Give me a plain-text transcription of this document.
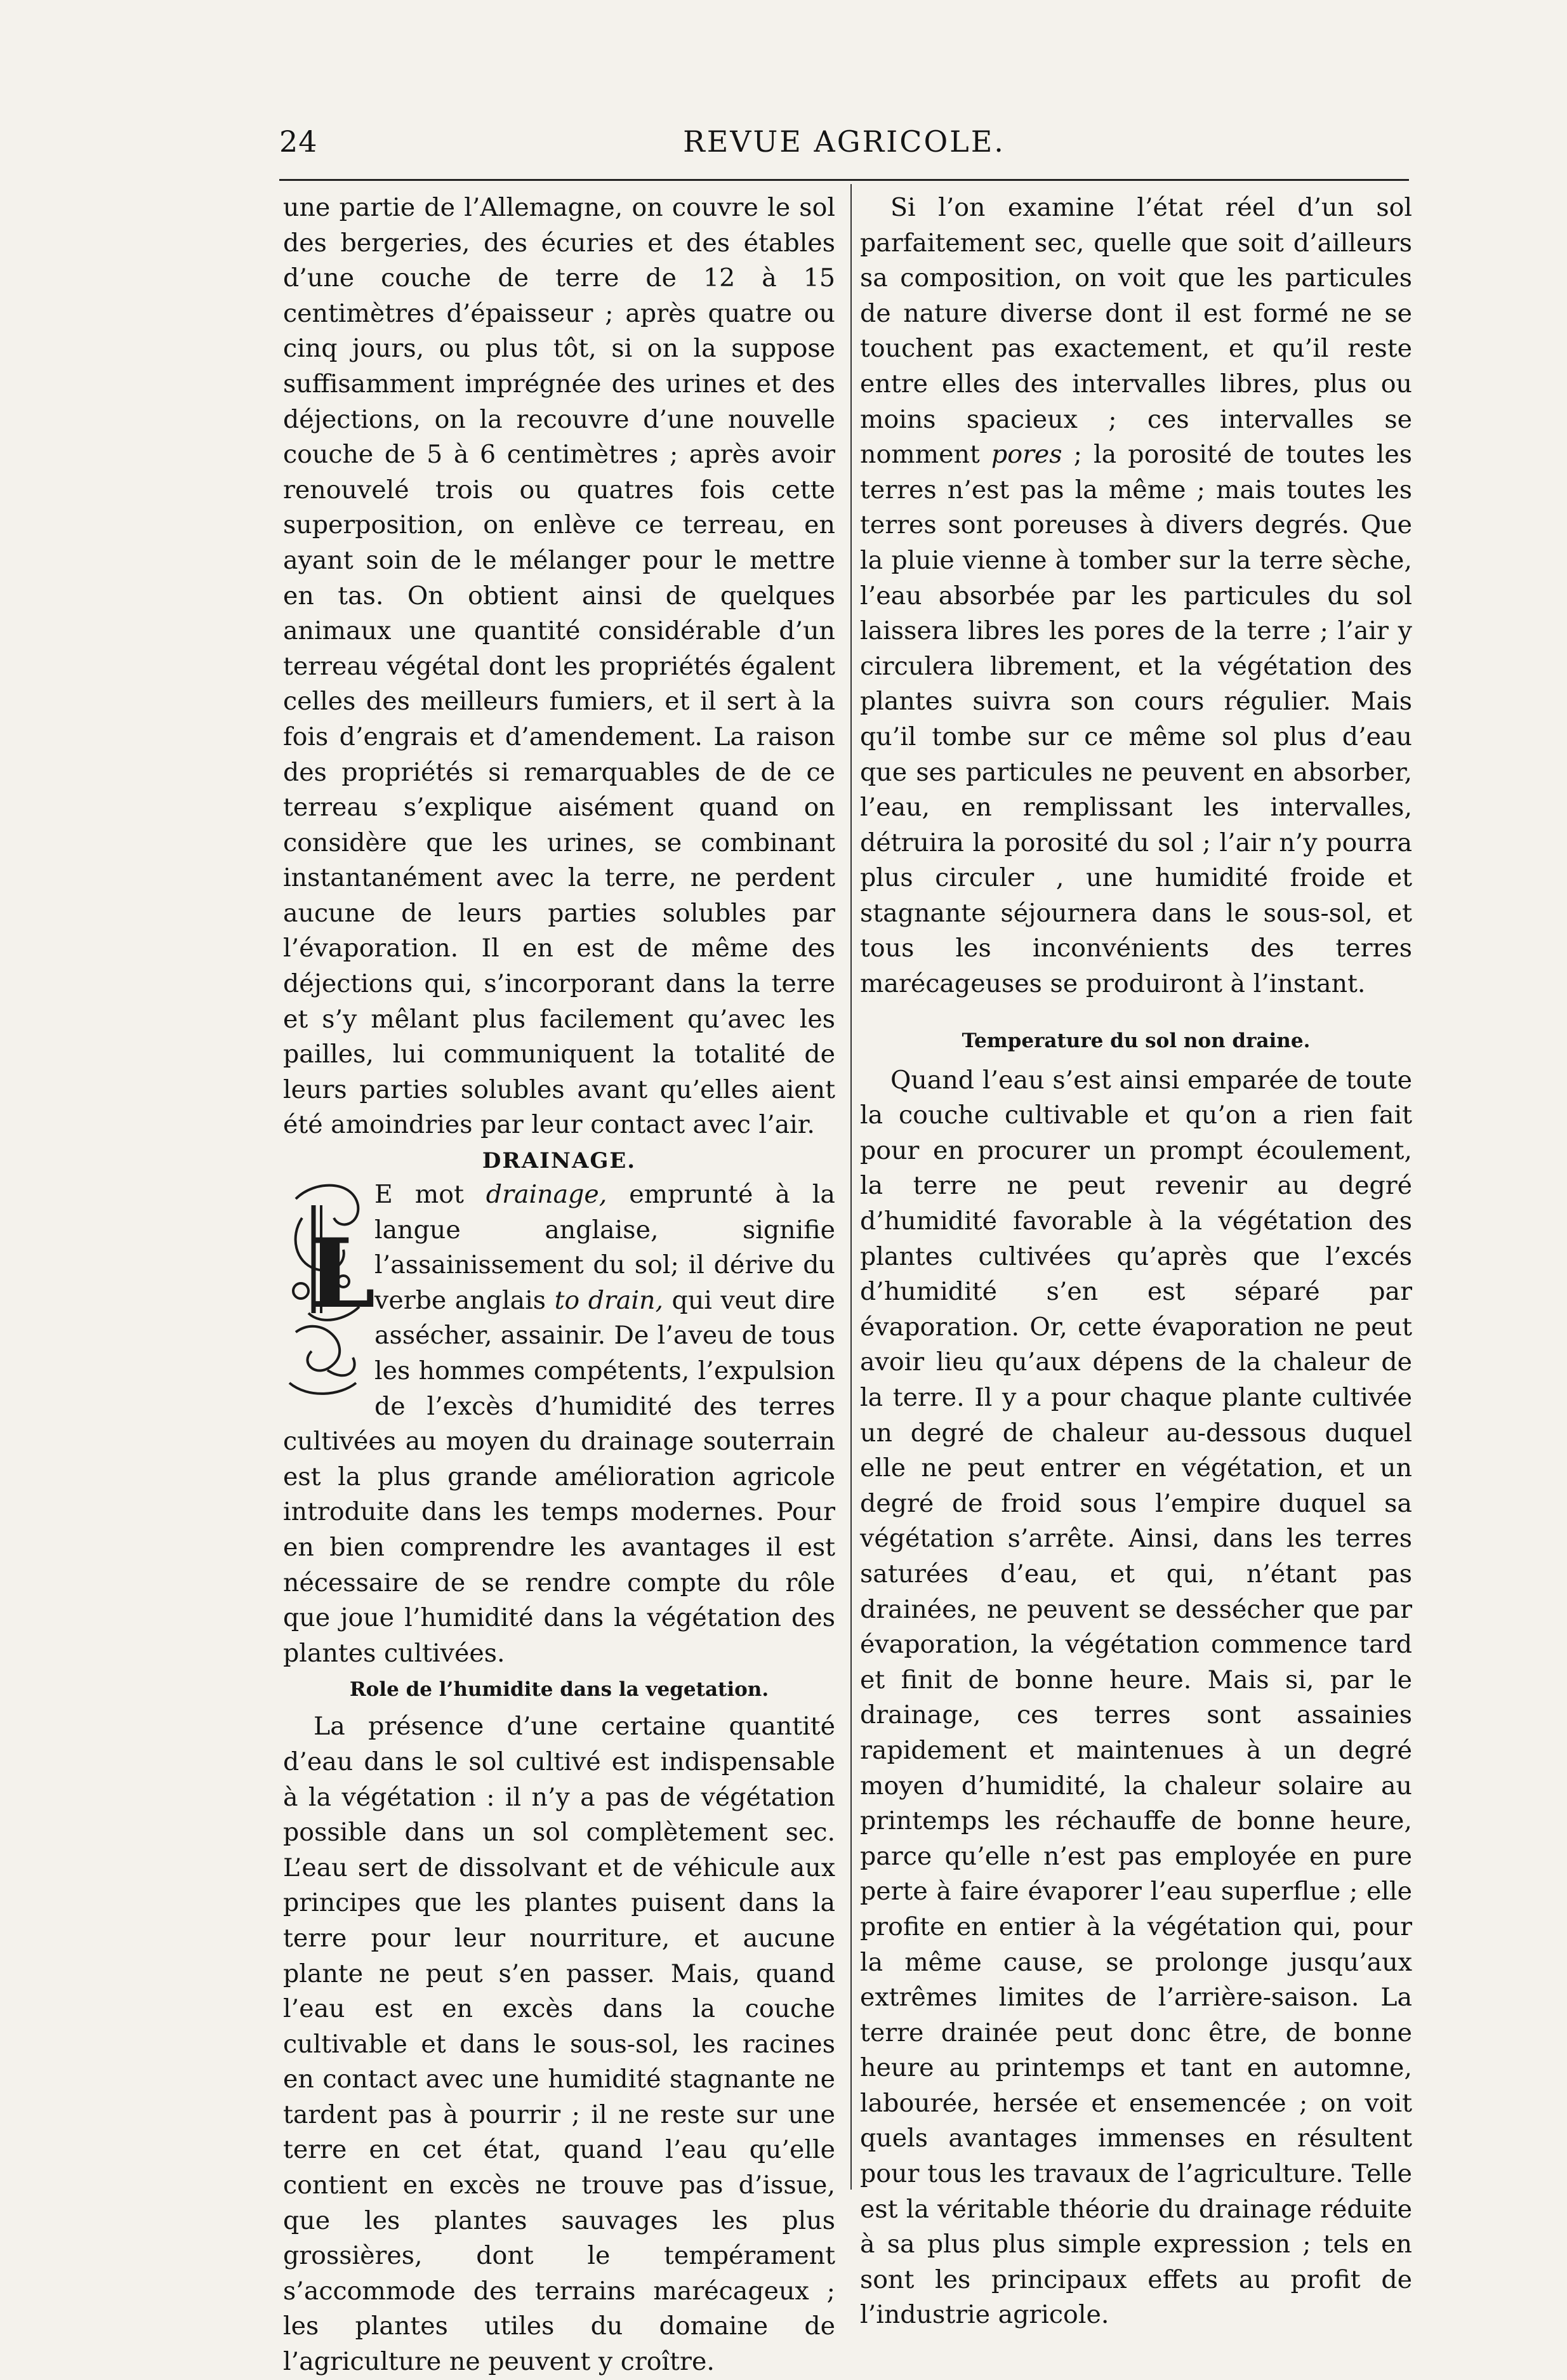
24	REVUE AGRICOLE.

une partie de l’Allemagne, on couvre le sol des bergeries, des écuries et des étables d’une couche de terre de 12 à 15 centimètres d’épaisseur ; après quatre ou cinq jours, ou plus tôt, si on la suppose suffisamment imprégnée des urines et des déjections, on la recouvre d’une nouvelle couche de 5 à 6 centimètres ; après avoir renouvelé trois ou quatres fois cette superposition, on enlève ce terreau, en ayant soin de le mélanger pour le mettre en tas. On obtient ainsi de quelques animaux une quantité considérable d’un terreau végétal dont les propriétés égalent celles des meilleurs fumiers, et il sert à la fois d’engrais et d’amendement. La raison des propriétés si remarquables de de ce terreau s’explique aisément quand on considère que les urines, se combinant instantanément avec la terre, ne perdent aucune de leurs parties solubles par l’évaporation. Il en est de même des déjections qui, s’incorporant dans la terre et s’y mêlant plus facilement qu’avec les pailles, lui communiquent la totalité de leurs parties solubles avant qu’elles aient été amoindries par leur contact avec l’air.

DRAINAGE.

L
E mot drainage, emprunté à la langue anglaise, signifie l’assainissement du sol; il dérive du verbe anglais to drain, qui veut dire assécher, assainir. De l’aveu de tous les hommes compétents, l’expulsion de l’excès d’humidité des terres cultivées au moyen du drainage souterrain est la plus grande amélioration agricole introduite dans les temps modernes. Pour en bien comprendre les avantages il est nécessaire de se rendre compte du rôle que joue l’humidité dans la végétation des plantes cultivées.

Role de l’humidite dans la vegetation.

La présence d’une certaine quantité d’eau dans le sol cultivé est indispensable à la végétation : il n’y a pas de végétation possible dans un sol complètement sec. L’eau sert de dissolvant et de véhicule aux principes que les plantes puisent dans la terre pour leur nourriture, et aucune plante ne peut s’en passer. Mais, quand l’eau est en excès dans la couche cultivable et dans le sous-sol, les racines en contact avec une humidité stagnante ne tardent pas à pourrir ; il ne reste sur une terre en cet état, quand l’eau qu’elle contient en excès ne trouve pas d’issue, que les plantes sauvages les plus grossières, dont le tempérament s’accommode des terrains marécageux ; les plantes utiles du domaine de l’agriculture ne peuvent y croître.

Si l’on examine l’état réel d’un sol parfaitement sec, quelle que soit d’ailleurs sa composition, on voit que les particules de nature diverse dont il est formé ne se touchent pas exactement, et qu’il reste entre elles des intervalles libres, plus ou moins spacieux ; ces intervalles se nomment pores ; la porosité de toutes les terres n’est pas la même ; mais toutes les terres sont poreuses à divers degrés. Que la pluie vienne à tomber sur la terre sèche, l’eau absorbée par les particules du sol laissera libres les pores de la terre ; l’air y circulera librement, et la végétation des plantes suivra son cours régulier. Mais qu’il tombe sur ce même sol plus d’eau que ses particules ne peuvent en absorber, l’eau, en remplissant les intervalles, détruira la porosité du sol ; l’air n’y pourra plus circuler , une humidité froide et stagnante séjournera dans le sous-sol, et tous les inconvénients des terres marécageuses se produiront à l’instant.

Temperature du sol non draine.

Quand l’eau s’est ainsi emparée de toute la couche cultivable et qu’on a rien fait pour en procurer un prompt écoulement, la terre ne peut revenir au degré d’humidité favorable à la végétation des plantes cultivées qu’après que l’excés d’humidité s’en est séparé par évaporation. Or, cette évaporation ne peut avoir lieu qu’aux dépens de la chaleur de la terre. Il y a pour chaque plante cultivée un degré de chaleur au-dessous duquel elle ne peut entrer en végétation, et un degré de froid sous l’empire duquel sa végétation s’arrête. Ainsi, dans les terres saturées d’eau, et qui, n’étant pas drainées, ne peuvent se dessécher que par évaporation, la végétation commence tard et finit de bonne heure. Mais si, par le drainage, ces terres sont assainies rapidement et maintenues à un degré moyen d’humidité, la chaleur solaire au printemps les réchauffe de bonne heure, parce qu’elle n’est pas employée en pure perte à faire évaporer l’eau superflue ; elle profite en entier à la végétation qui, pour la même cause, se prolonge jusqu’aux extrêmes limites de l’arrière-saison. La terre drainée peut donc être, de bonne heure au printemps et tant en automne, labourée, hersée et ensemencée ; on voit quels avantages immenses en résultent pour tous les travaux de l’agriculture. Telle est la véritable théorie du drainage réduite à sa plus plus simple expression ; tels en sont les principaux effets au profit de l’industrie agricole.
